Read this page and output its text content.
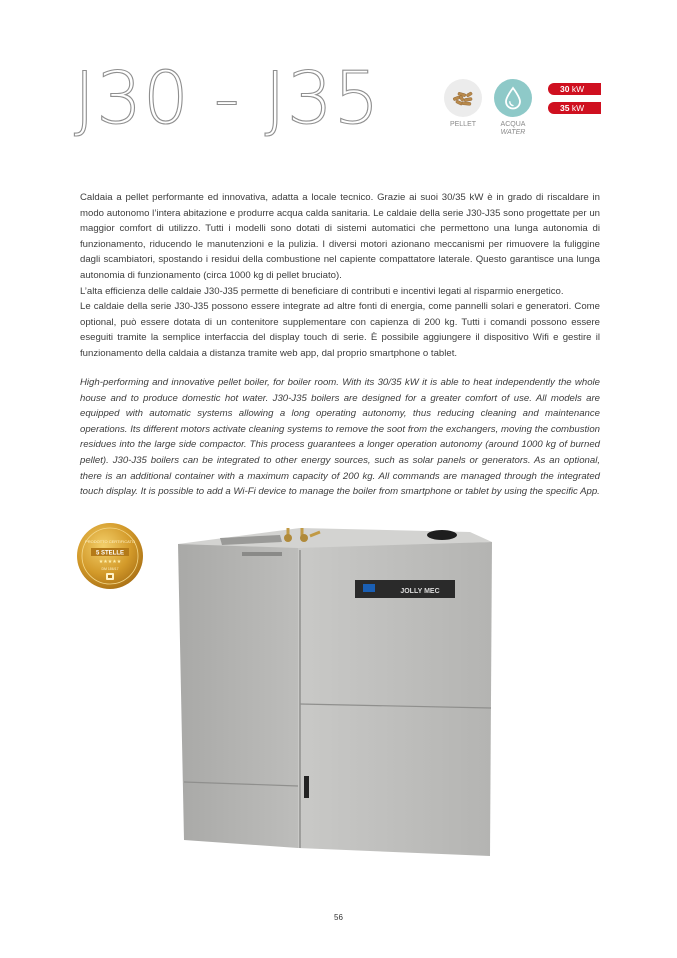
J30 - J35	PELLET	ACQUA
WATER
30 kW
35 kW

Caldaia a pellet performante ed innovativa, adatta a locale tecnico. Grazie ai suoi 30/35 kW è in grado di riscaldare in modo autonomo l’intera abitazione e produrre acqua calda sanitaria. Le caldaie della serie J30-J35 sono progettate per un maggior comfort di utilizzo. Tutti i modelli sono dotati di sistemi automatici che permettono una lunga autonomia di funzionamento, riducendo le manutenzioni e la pulizia. I diversi motori azionano meccanismi per rimuovere la fuliggine dagli scambiatori, spostando i residui della combustione nel capiente compattatore laterale. Questo garantisce una lunga autonomia di funzionamento (circa 1000 kg di pellet bruciato).

L’alta efficienza delle caldaie J30-J35 permette di beneficiare di contributi e incentivi legati al risparmio energetico.

Le caldaie della serie J30-J35 possono essere integrate ad altre fonti di energia, come pannelli solari e generatori. Come optional, può essere dotata di un contenitore supplementare con capienza di 200 kg. Tutti i comandi possono essere eseguiti tramite la semplice interfaccia del display touch di serie. È possibile aggiungere il dispositivo Wifi e gestire il funzionamento della caldaia a distanza tramite web app, dal proprio smartphone o tablet.

High-performing and innovative pellet boiler, for boiler room. With its 30/35 kW it is able to heat independently the whole house and to produce domestic hot water. J30-J35 boilers are designed for a greater comfort of use. All models are equipped with automatic systems allowing a long operating autonomy, thus reducing cleaning and maintenance operations. Its different motors activate cleaning systems to remove the soot from the exchangers, moving the combustion residues into the large side compactor. This process guarantees a longer operation autonomy (around 1000 kg of burned pellet). J30-J35 boilers can be integrated to other energy sources, such as solar panels or generators. As an optional, there is an additional container with a maximum capacity of 200 kg. All commands are managed through the integrated touch display. It is possible to add a Wi-Fi device to manage the boiler from smartphone or tablet by using the specific App.
PRODOTTO CERTIFICATO
5 STELLE
★★★★★
DM 186/17
JOLLY MEC
56
